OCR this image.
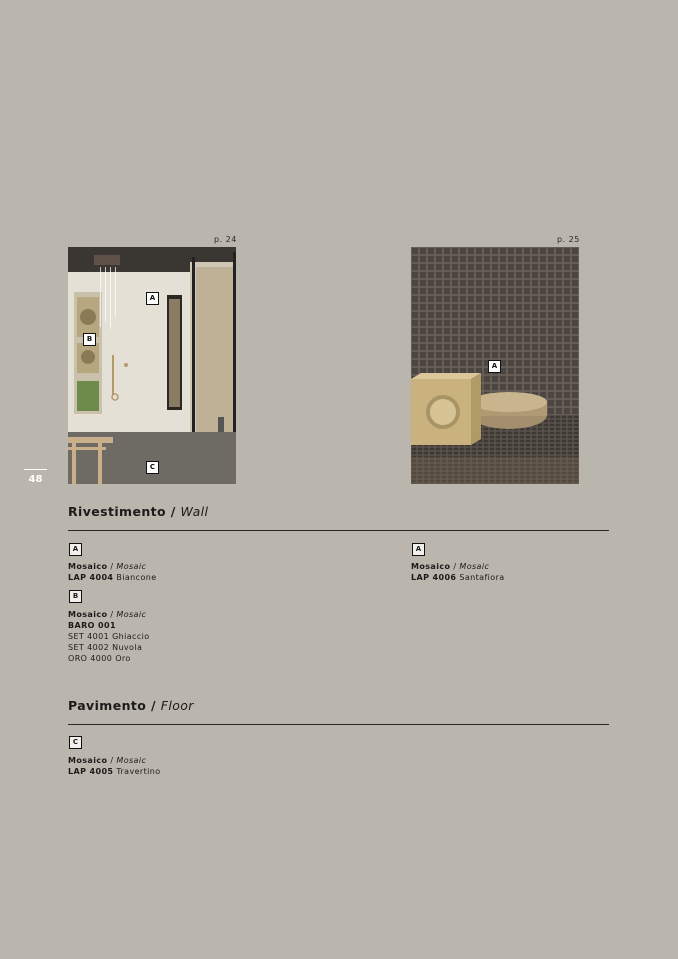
p. 24	p. 25
A
B
C
A
48
Rivestimento / Wall
A
Mosaico / Mosaic
LAP 4004 Biancone
B
Mosaico / Mosaic
BARO 001
SET 4001 Ghiaccio
SET 4002 Nuvola
ORO 4000 Oro
A
Mosaico / Mosaic
LAP 4006 Santafiora
Pavimento / Floor
C
Mosaico / Mosaic
LAP 4005 Travertino
